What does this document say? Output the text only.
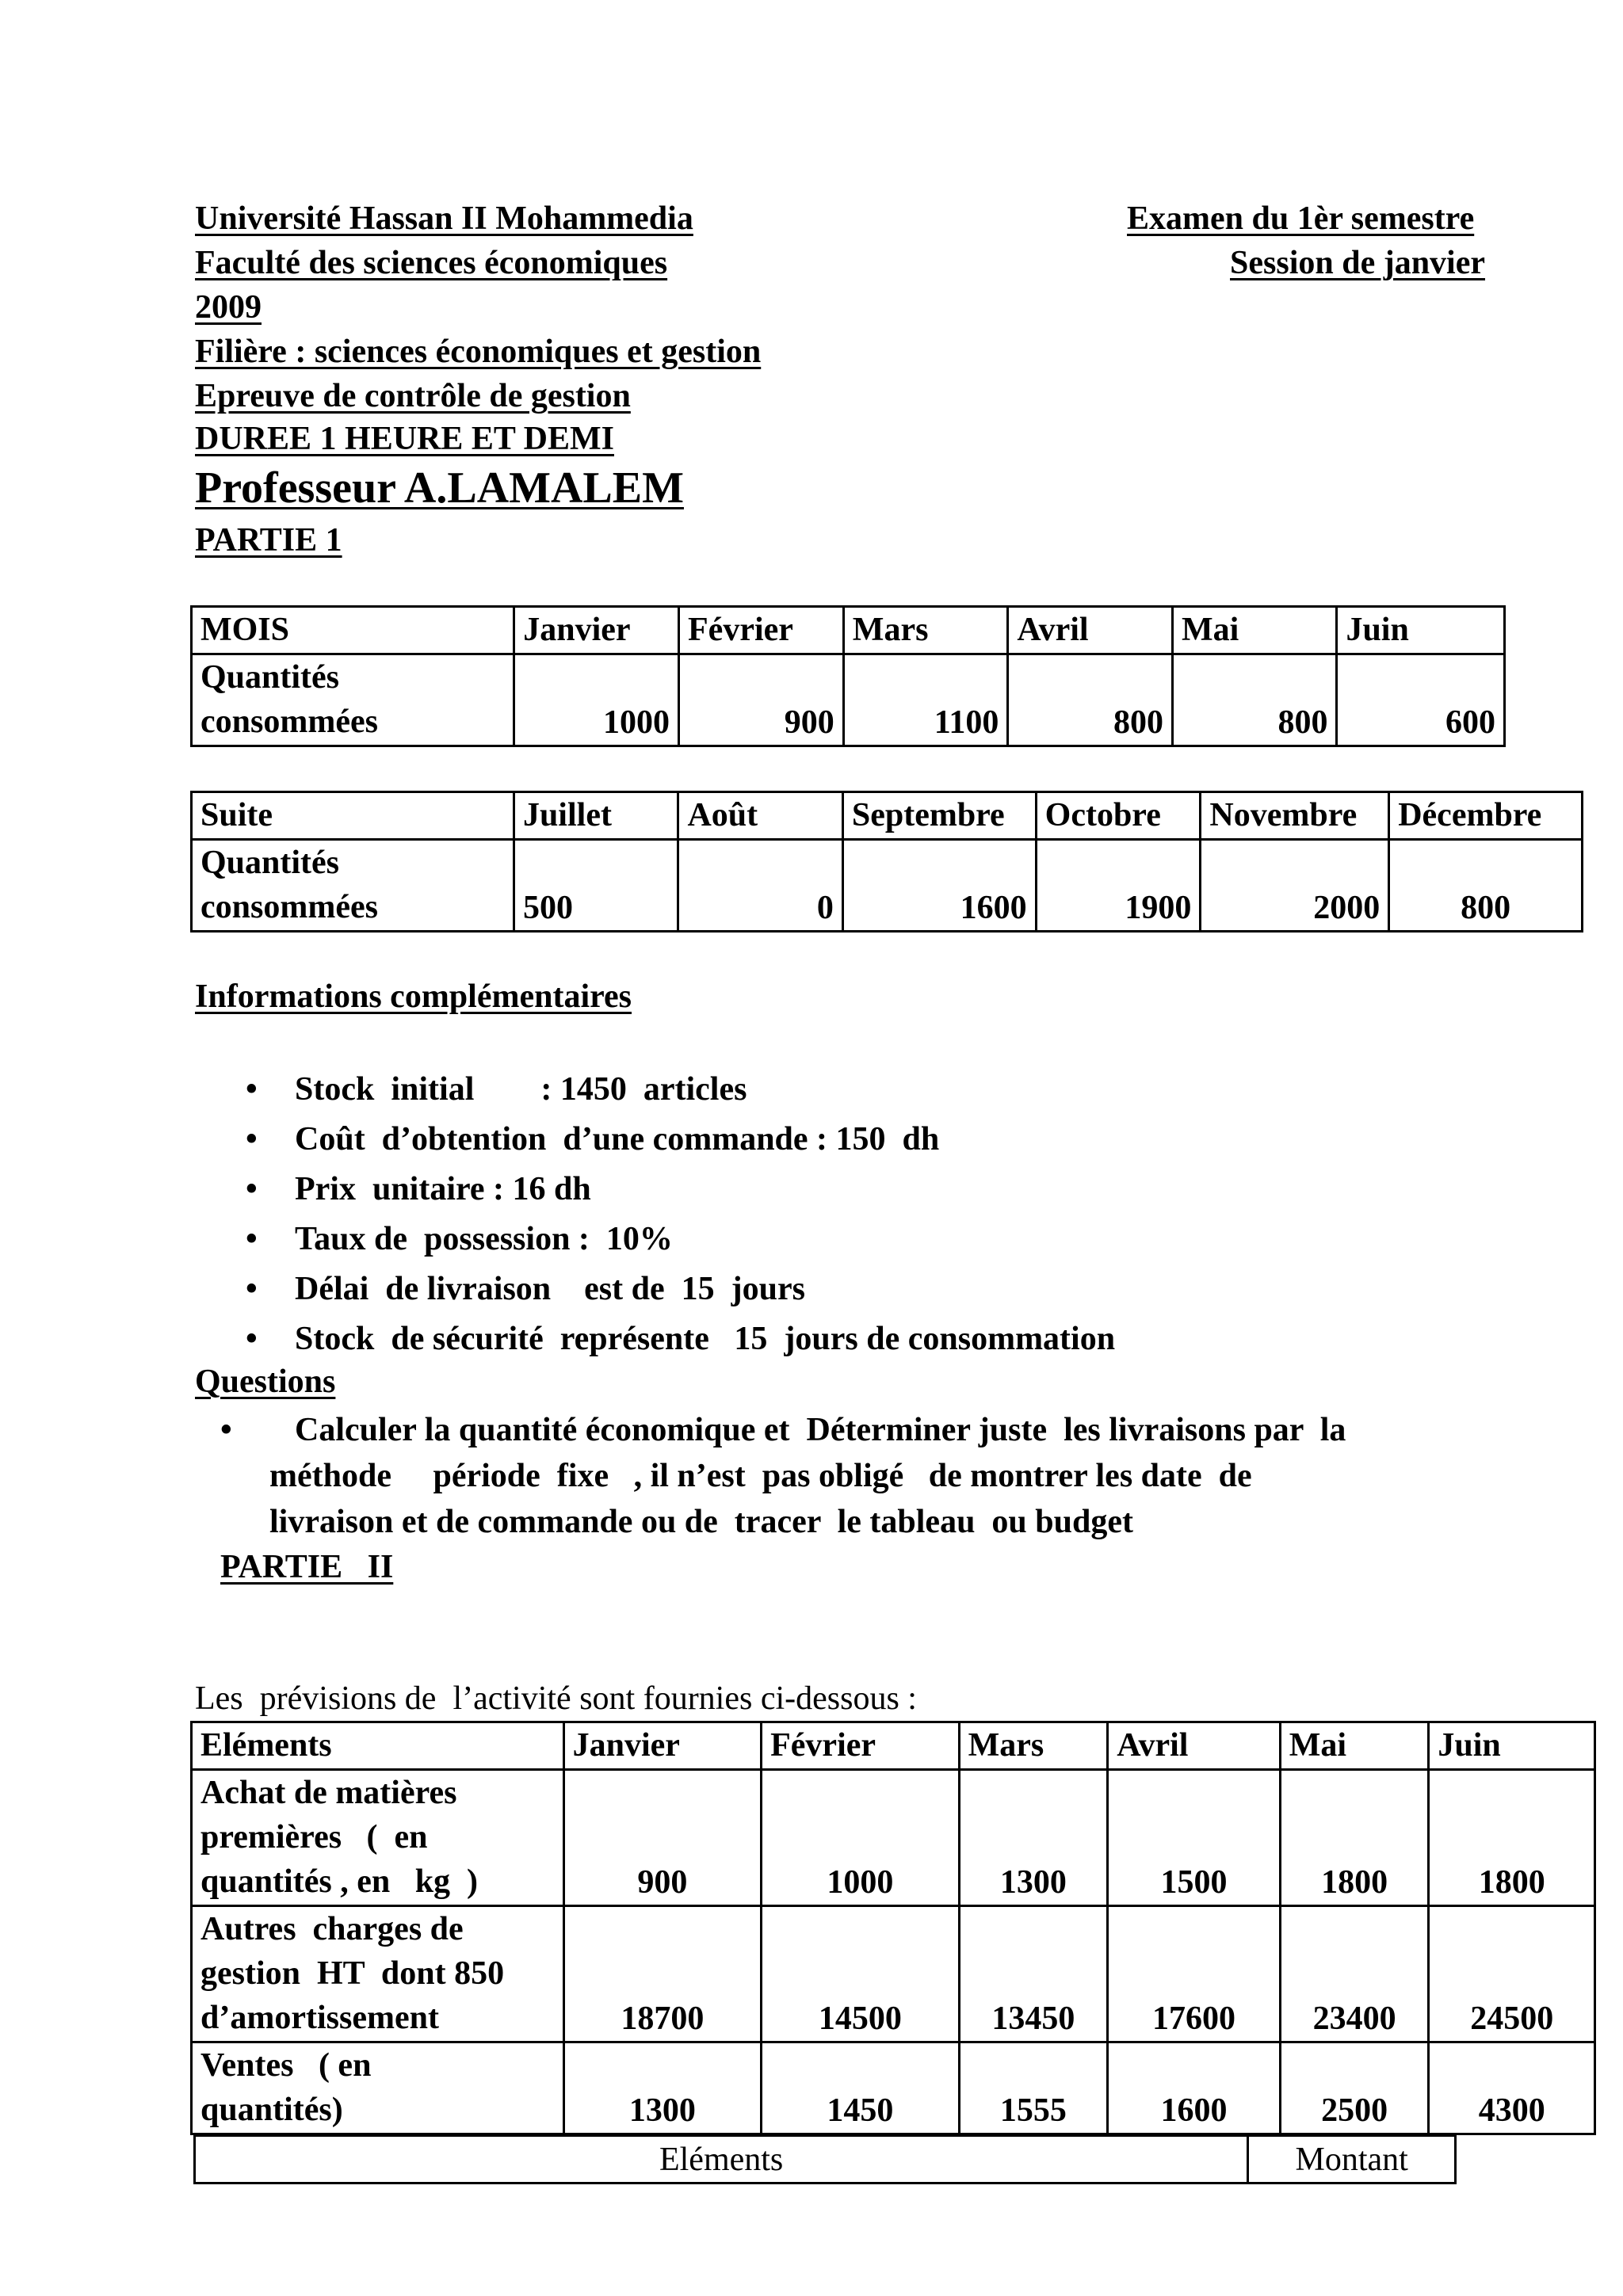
Université Hassan II Mohammedia
Faculté des sciences économiques
2009
Filière : sciences économiques et gestion
Epreuve de contrôle de gestion
DUREE 1 HEURE ET DEMI
Professeur A.LAMALEM
Examen du 1èr semestre
Session de janvier
PARTIE 1
MOIS	Janvier	Février	Mars	Avril	Mai	Juin

Quantités
consommées	1000	900	1100	800	800	600
Suite	Juillet	Août	Septembre	Octobre	Novembre	Décembre

Quantités
consommées	500	0	1600	1900	2000	800
Informations complémentaires
• Stock  initial        : 1450  articles
• Coût  d’obtention  d’une commande : 150  dh
• Prix  unitaire : 16 dh
• Taux de  possession :  10%
• Délai  de livraison    est de  15  jours
• Stock  de sécurité  représente   15  jours de consommation
Questions
• Calculer la quantité économique et  Déterminer juste  les livraisons par  la
méthode     période  fixe   , il n’est  pas obligé   de montrer les date  de
livraison et de commande ou de  tracer  le tableau  ou budget
PARTIE   II
Les  prévisions de  l’activité sont fournies ci-dessous :
Eléments	Janvier	Février	Mars	Avril	Mai	Juin

Achat de matières
premières   (  en
quantités , en   kg  )	900	1000	1300	1500	1800	1800

Autres  charges de
gestion  HT  dont 850
d’amortissement	18700	14500	13450	17600	23400	24500

Ventes   ( en
quantités)	1300	1450	1555	1600	2500	4300
Eléments	Montant
